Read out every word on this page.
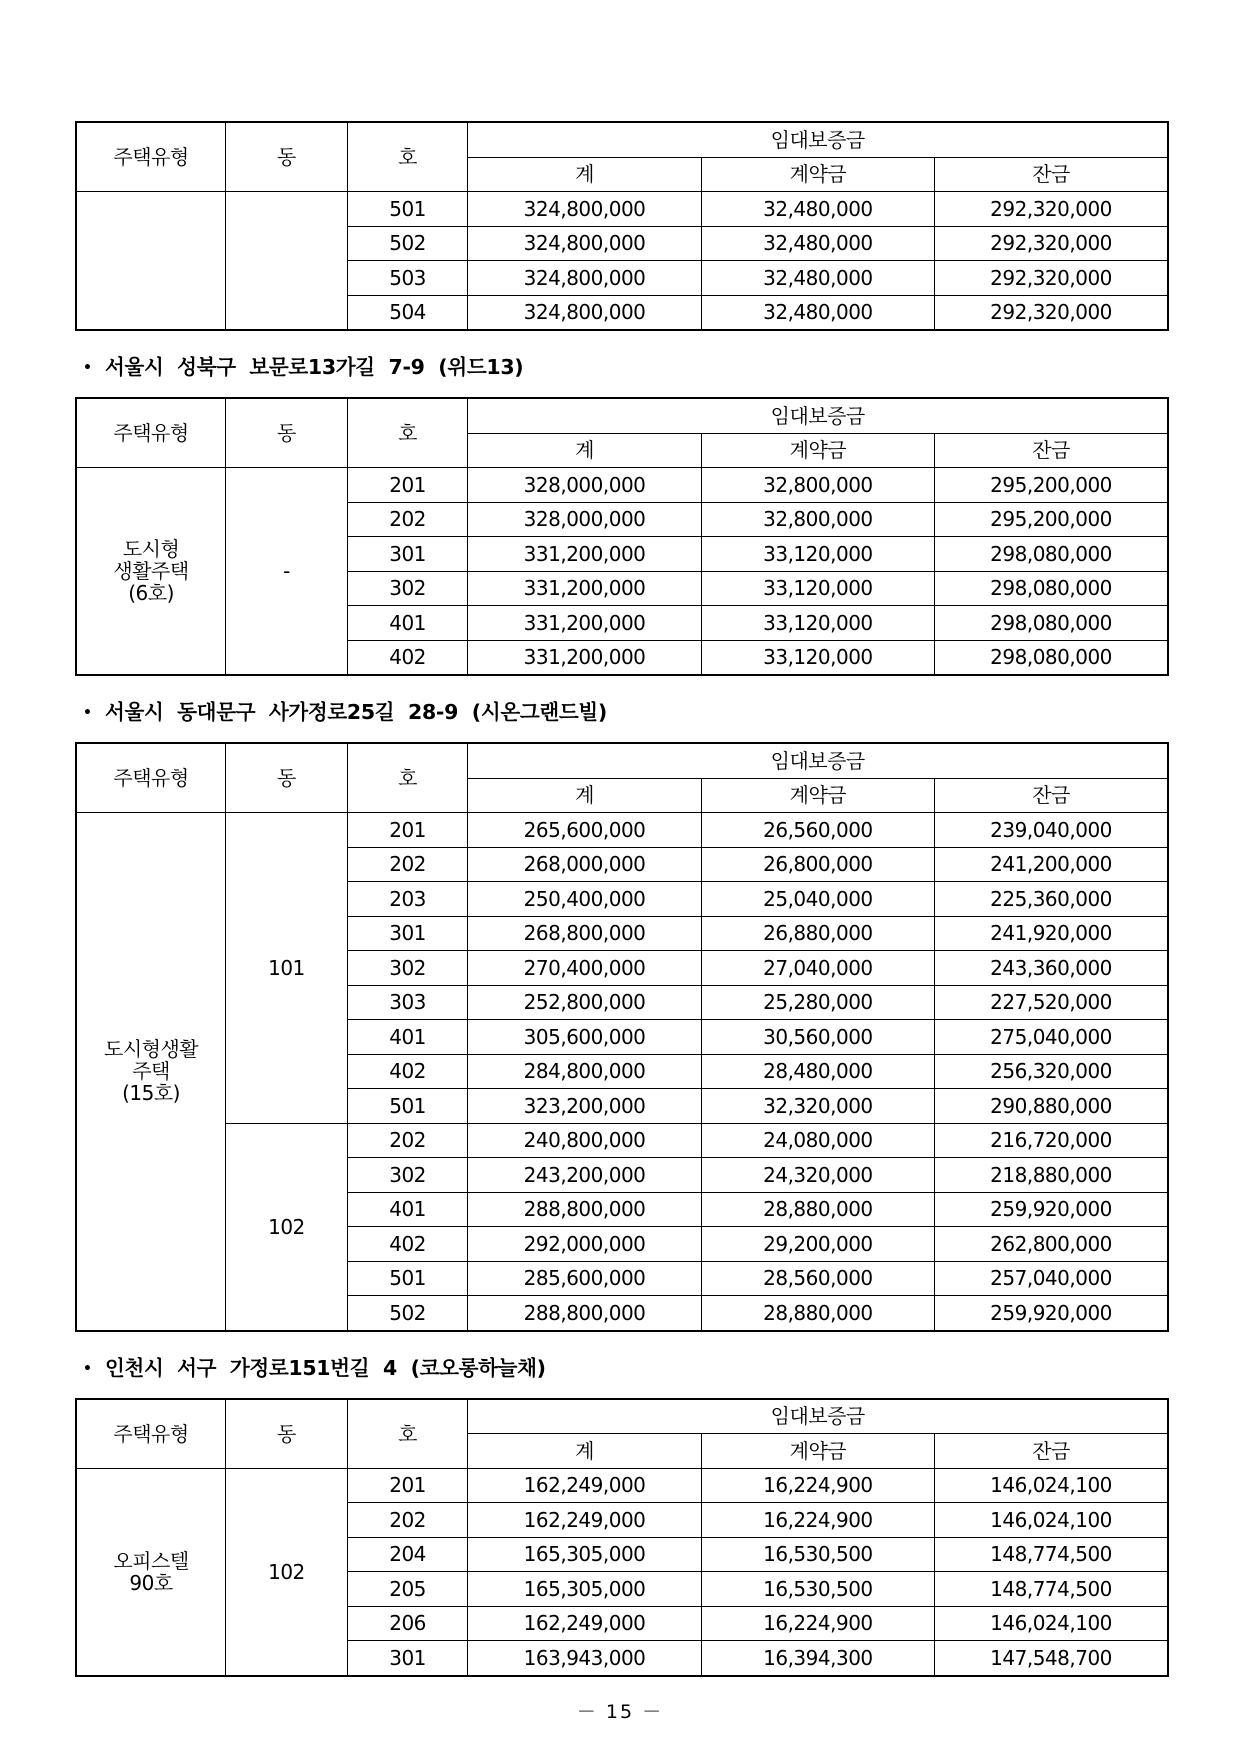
주택유형	동	호	임대보증금		
			계	계약금	잔금
		501	324,800,000	32,480,000	292,320,000
		502	324,800,000	32,480,000	292,320,000
		503	324,800,000	32,480,000	292,320,000
		504	324,800,000	32,480,000	292,320,000
• 서울시  성북구  보문로13가길  7-9  (위드13)
주택유형	동	호	임대보증금		
			계	계약금	잔금
도시형
생활주택
(6호)	-	201	328,000,000	32,800,000	295,200,000
		202	328,000,000	32,800,000	295,200,000
		301	331,200,000	33,120,000	298,080,000
		302	331,200,000	33,120,000	298,080,000
		401	331,200,000	33,120,000	298,080,000
		402	331,200,000	33,120,000	298,080,000
• 서울시  동대문구  사가정로25길  28-9  (시온그랜드빌)
주택유형	동	호	임대보증금		
			계	계약금	잔금
도시형생활
주택
(15호)	101	201	265,600,000	26,560,000	239,040,000
		202	268,000,000	26,800,000	241,200,000
		203	250,400,000	25,040,000	225,360,000
		301	268,800,000	26,880,000	241,920,000
		302	270,400,000	27,040,000	243,360,000
		303	252,800,000	25,280,000	227,520,000
		401	305,600,000	30,560,000	275,040,000
		402	284,800,000	28,480,000	256,320,000
		501	323,200,000	32,320,000	290,880,000
	102	202	240,800,000	24,080,000	216,720,000
		302	243,200,000	24,320,000	218,880,000
		401	288,800,000	28,880,000	259,920,000
		402	292,000,000	29,200,000	262,800,000
		501	285,600,000	28,560,000	257,040,000
		502	288,800,000	28,880,000	259,920,000
• 인천시  서구  가정로151번길  4  (코오롱하늘채)
주택유형	동	호	임대보증금		
			계	계약금	잔금
오피스텔
90호	102	201	162,249,000	16,224,900	146,024,100
		202	162,249,000	16,224,900	146,024,100
		204	165,305,000	16,530,500	148,774,500
		205	165,305,000	16,530,500	148,774,500
		206	162,249,000	16,224,900	146,024,100
		301	163,943,000	16,394,300	147,548,700
－ 15 －
